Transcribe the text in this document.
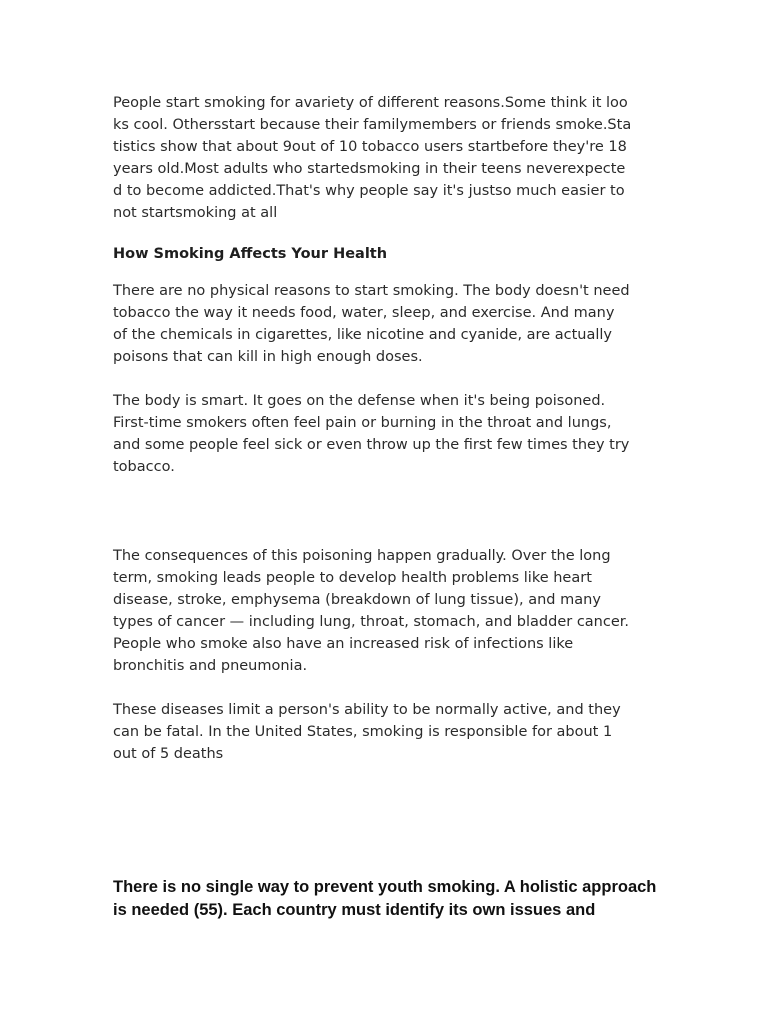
People start smoking for avariety of different reasons.Some think it loo
ks cool. Othersstart because their familymembers or friends smoke.Sta
tistics show that about 9out of 10 tobacco users startbefore they're 18
years old.Most adults who startedsmoking in their teens neverexpecte
d to become addicted.That's why people say it's justso much easier to
not startsmoking at all

How Smoking Affects Your Health

There are no physical reasons to start smoking. The body doesn't need
tobacco the way it needs food, water, sleep, and exercise. And many
of the chemicals in cigarettes, like nicotine and cyanide, are actually
poisons that can kill in high enough doses.

The body is smart. It goes on the defense when it's being poisoned.
First-time smokers often feel pain or burning in the throat and lungs,
and some people feel sick or even throw up the first few times they try
tobacco.

The consequences of this poisoning happen gradually. Over the long
term, smoking leads people to develop health problems like heart
disease, stroke, emphysema (breakdown of lung tissue), and many
types of cancer — including lung, throat, stomach, and bladder cancer.
People who smoke also have an increased risk of infections like
bronchitis and pneumonia.

These diseases limit a person's ability to be normally active, and they
can be fatal. In the United States, smoking is responsible for about 1
out of 5 deaths

There is no single way to prevent youth smoking. A holistic approach
is needed (55). Each country must identify its own issues and
